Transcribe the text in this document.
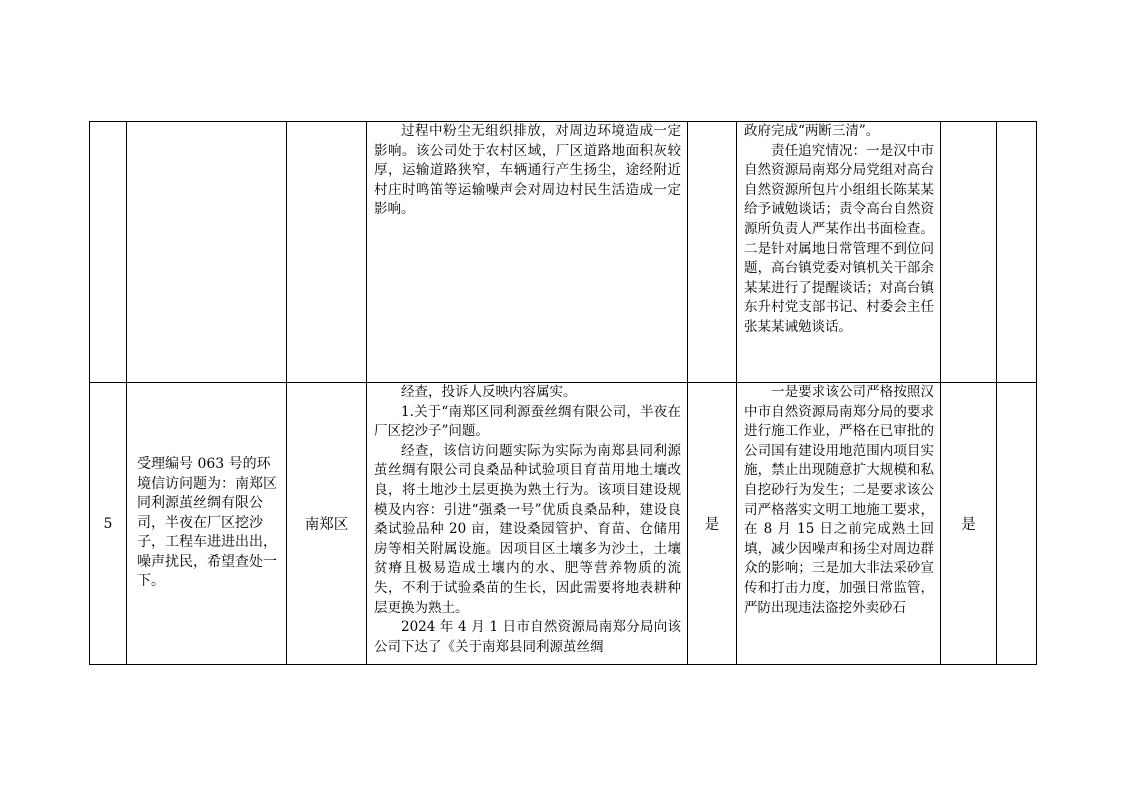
			过程中粉尘无组织排放，对周边环境造成一定影响。该公司处于农村区域，厂区道路地面积灰较厚，运输道路狭窄，车辆通行产生扬尘，途经附近村庄时鸣笛等运输噪声会对周边村民生活造成一定影响。		政府完成“两断三清”。

责任追究情况：一是汉中市自然资源局南郑分局党组对高台自然资源所包片小组组长陈某某给予诫勉谈话；责令高台自然资源所负责人严某作出书面检查。二是针对属地日常管理不到位问题，高台镇党委对镇机关干部余某某进行了提醒谈话；对高台镇东升村党支部书记、村委会主任张某某诫勉谈话。		

5	受理编号 063 号的环境信访问题为：南郑区同利源茧丝绸有限公司，半夜在厂区挖沙子，工程车进进出出，噪声扰民，希望查处一下。	南郑区	经查，投诉人反映内容属实。

1.关于“南郑区同利源蚕丝绸有限公司，半夜在厂区挖沙子”问题。

经查，该信访问题实际为实际为南郑县同利源茧丝绸有限公司良桑品种试验项目育苗用地土壤改良，将土地沙土层更换为熟土行为。该项目建设规模及内容：引进“强桑一号”优质良桑品种，建设良桑试验品种 20 亩，建设桑园管护、育苗、仓储用房等相关附属设施。因项目区土壤多为沙土，土壤贫瘠且极易造成土壤内的水、肥等营养物质的流失，不利于试验桑苗的生长，因此需要将地表耕种层更换为熟土。

2024 年 4 月 1 日市自然资源局南郑分局向该公司下达了《关于南郑县同利源茧丝绸	是	一是要求该公司严格按照汉中市自然资源局南郑分局的要求进行施工作业，严格在已审批的公司国有建设用地范围内项目实施，禁止出现随意扩大规模和私自挖砂行为发生；二是要求该公司严格落实文明工地施工要求，在 8 月 15 日之前完成熟土回填，减少因噪声和扬尘对周边群众的影响；三是加大非法采砂宣传和打击力度，加强日常监管，严防出现违法盗挖外卖砂石	是	
